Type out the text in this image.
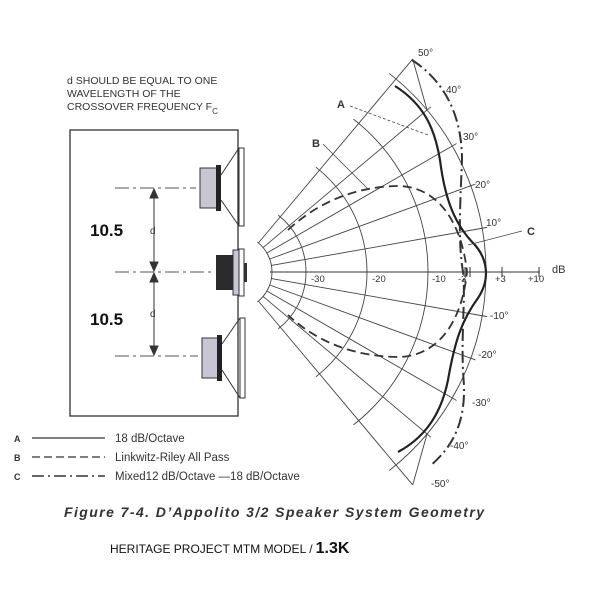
d SHOULD BE EQUAL TO ONE
WAVELENGTH OF THE
CROSSOVER FREQUENCY $F_C$
10.5
10.5
d
d
A
B
C
50°
40°
30°
20°
10°
-10°
-20°
-30°
-40°
-50°
-30	-20	-10 -3	+3 +10
dB
A	18 dB/Octave
B	Linkwitz-Riley All Pass
C	Mixed12 dB/Octave —18 dB/Octave
Figure 7-4. D’Appolito 3/2 Speaker System Geometry
HERITAGE PROJECT MTM MODEL / 1.3K
